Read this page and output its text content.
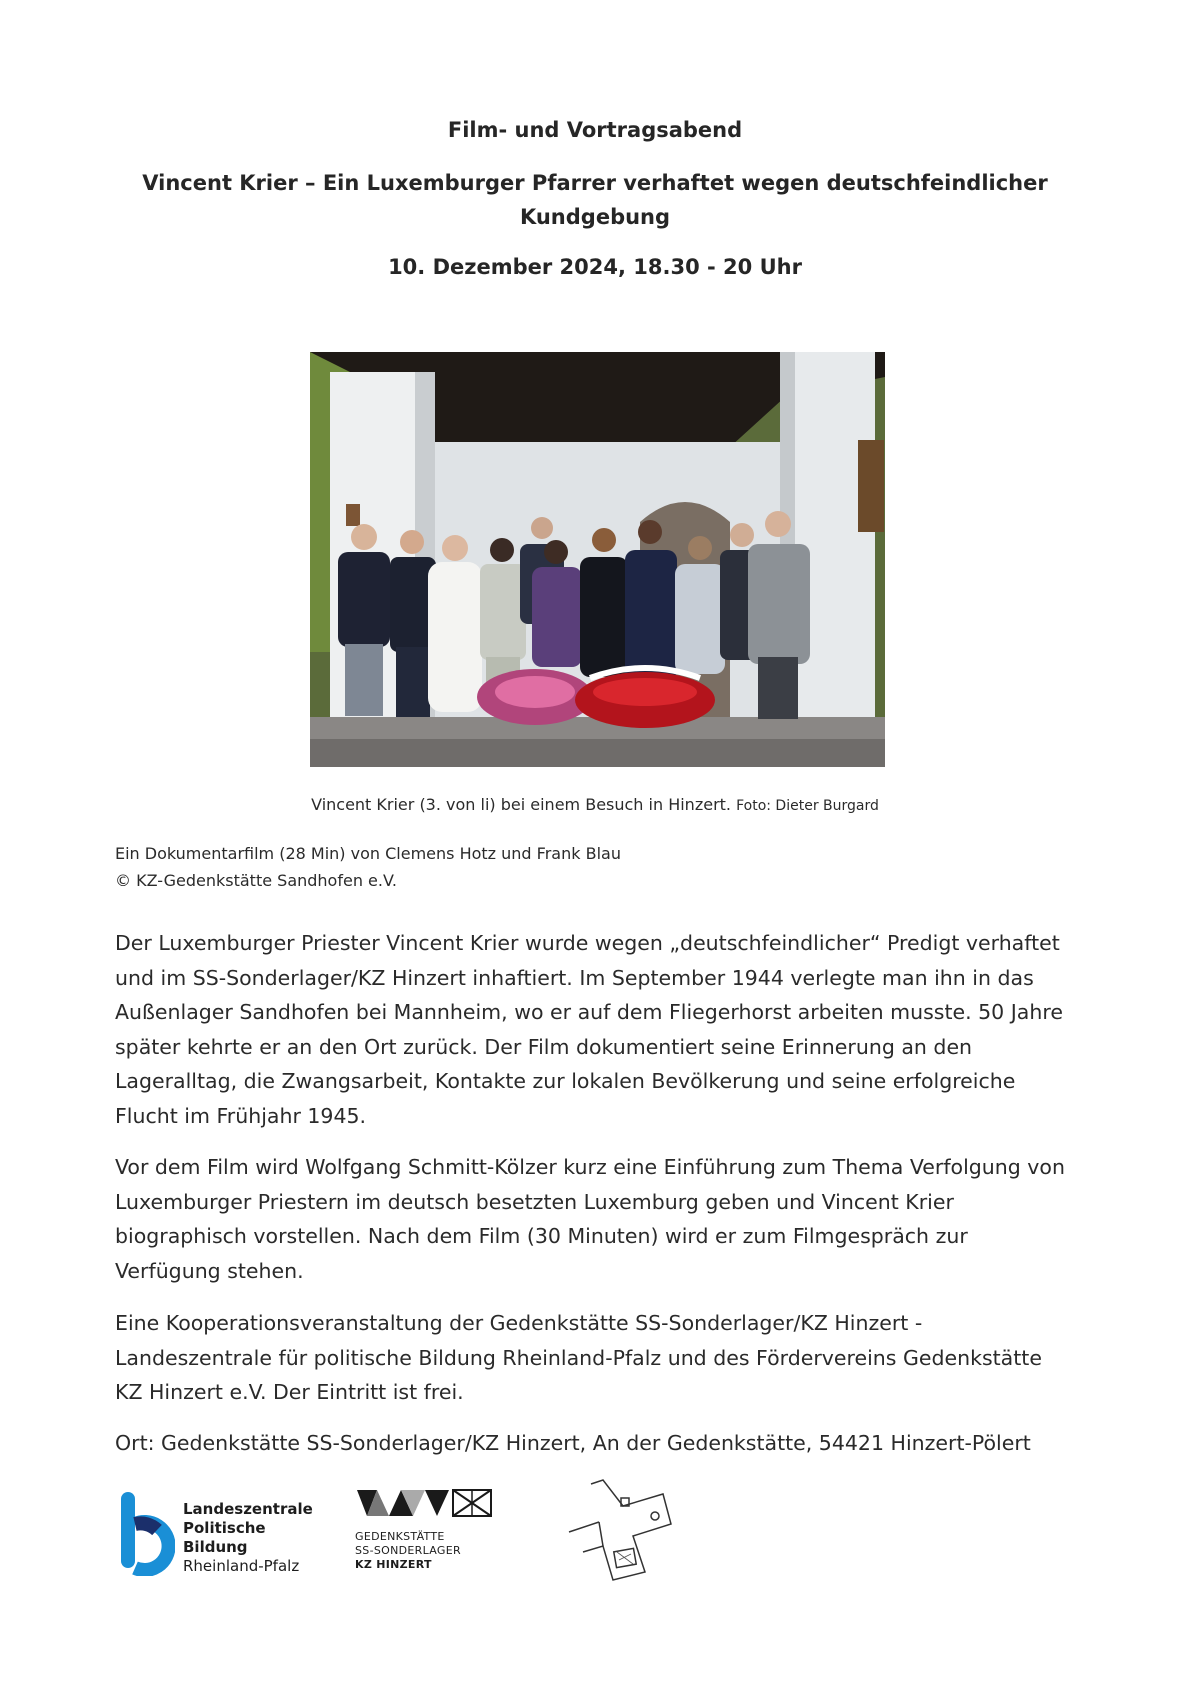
Film- und Vortragsabend
Vincent Krier – Ein Luxemburger Pfarrer verhaftet wegen deutschfeindlicher Kundgebung
10. Dezember 2024, 18.30 - 20 Uhr
Vincent Krier (3. von li) bei einem Besuch in Hinzert. Foto: Dieter Burgard
Ein Dokumentarfilm (28 Min) von Clemens Hotz und Frank Blau
© KZ-Gedenkstätte Sandhofen e.V.

Der Luxemburger Priester Vincent Krier wurde wegen „deutschfeindlicher“ Predigt verhaftet und im SS-Sonderlager/KZ Hinzert inhaftiert. Im September 1944 verlegte man ihn in das Außenlager Sandhofen bei Mannheim, wo er auf dem Fliegerhorst arbeiten musste. 50 Jahre später kehrte er an den Ort zurück. Der Film dokumentiert seine Erinnerung an den Lageralltag, die Zwangsarbeit, Kontakte zur lokalen Bevölkerung und seine erfolgreiche Flucht im Frühjahr 1945.

Vor dem Film wird Wolfgang Schmitt-Kölzer kurz eine Einführung zum Thema Verfolgung von Luxemburger Priestern im deutsch besetzten Luxemburg geben und Vincent Krier biographisch vorstellen. Nach dem Film (30 Minuten) wird er zum Filmgespräch zur Verfügung stehen.

Eine Kooperationsveranstaltung der Gedenkstätte SS-Sonderlager/KZ Hinzert - Landeszentrale für politische Bildung Rheinland-Pfalz und des Fördervereins Gedenkstätte KZ Hinzert e.V. Der Eintritt ist frei.

Ort: Gedenkstätte SS-Sonderlager/KZ Hinzert, An der Gedenkstätte, 54421 Hinzert-Pölert

Landeszentrale
Politische Bildung
Rheinland-Pfalz
GEDENKSTÄTTE
SS-SONDERLAGER
KZ HINZERT
